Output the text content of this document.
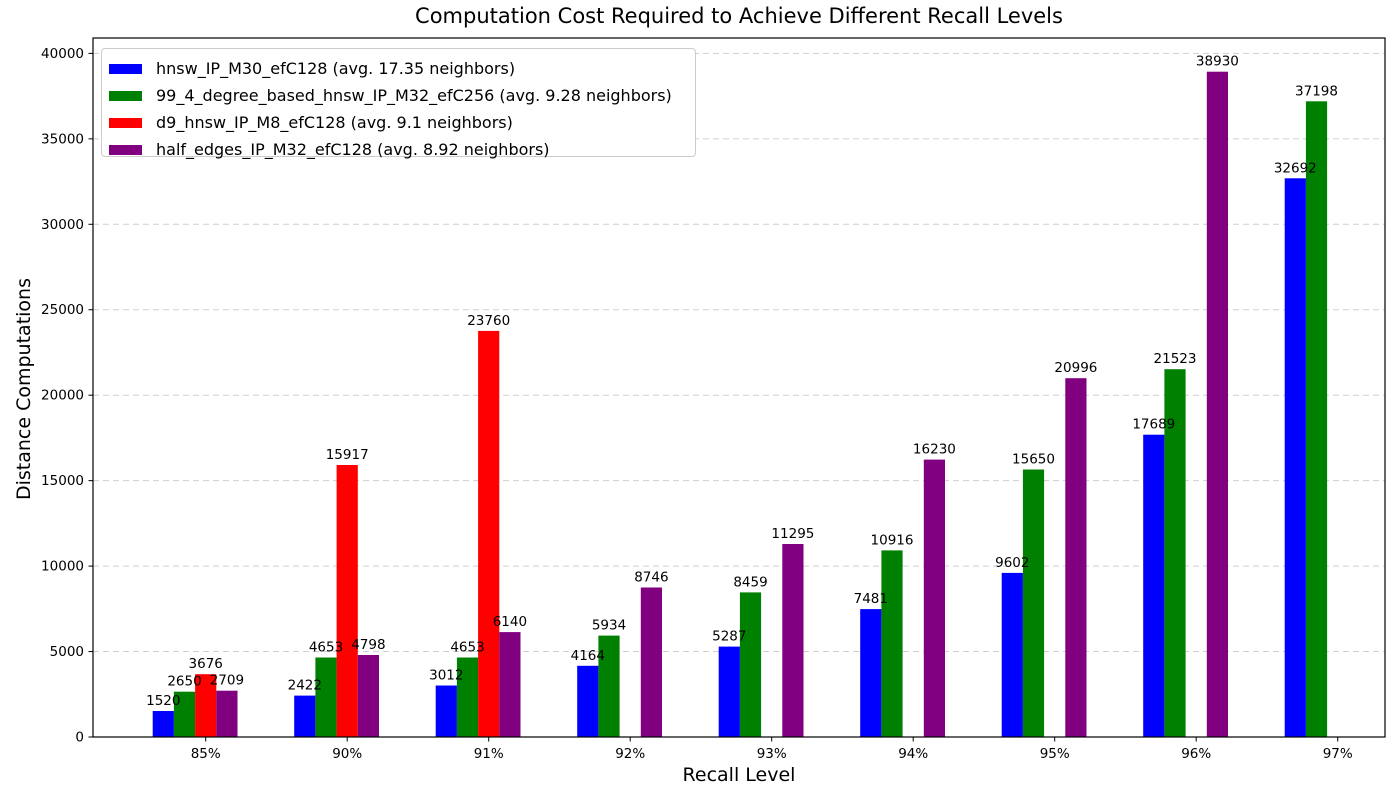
1520
2422
3012
4164
5287
7481
9602
17689
32692
2650
4653	4653
5934
8459
10916
15650
21523
37198
3676
15917
23760
2709
4798
6140
8746
11295
16230
20996
38930
0
5000
10000
15000
20000
25000
30000
35000
40000
85%	90%	91%	92%	93%	94%	95%	96%	97%
Computation Cost Required to Achieve Different Recall Levels
Recall Level
Distance Computations
hnsw_IP_M30_efC128 (avg. 17.35 neighbors)
99_4_degree_based_hnsw_IP_M32_efC256 (avg. 9.28 neighbors)
d9_hnsw_IP_M8_efC128 (avg. 9.1 neighbors)
half_edges_IP_M32_efC128 (avg. 8.92 neighbors)
